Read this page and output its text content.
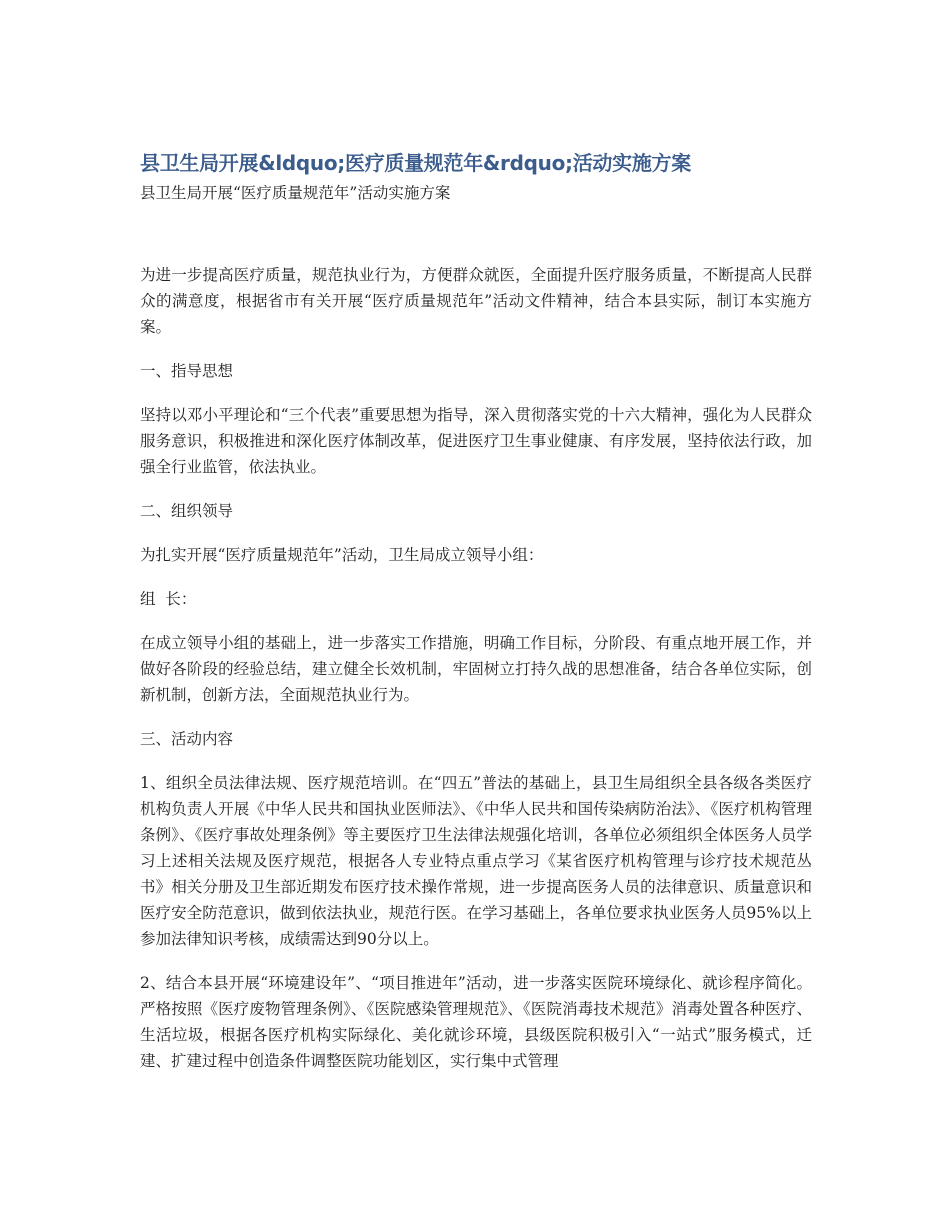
县卫生局开展&ldquo;医疗质量规范年&rdquo;活动实施方案

县卫生局开展“医疗质量规范年”活动实施方案

为进一步提高医疗质量，规范执业行为，方便群众就医，全面提升医疗服务质量，不断提高人民群众的满意度，根据省市有关开展“医疗质量规范年”活动文件精神，结合本县实际，制订本实施方案。

一、指导思想

坚持以邓小平理论和“三个代表”重要思想为指导，深入贯彻落实党的十六大精神，强化为人民群众服务意识，积极推进和深化医疗体制改革，促进医疗卫生事业健康、有序发展，坚持依法行政，加强全行业监管，依法执业。

二、组织领导

为扎实开展“医疗质量规范年”活动，卫生局成立领导小组：

组  长：

在成立领导小组的基础上，进一步落实工作措施，明确工作目标，分阶段、有重点地开展工作，并做好各阶段的经验总结，建立健全长效机制，牢固树立打持久战的思想准备，结合各单位实际，创新机制，创新方法，全面规范执业行为。

三、活动内容

1、组织全员法律法规、医疗规范培训。在“四五”普法的基础上，县卫生局组织全县各级各类医疗机构负责人开展《中华人民共和国执业医师法》、《中华人民共和国传染病防治法》、《医疗机构管理条例》、《医疗事故处理条例》等主要医疗卫生法律法规强化培训，各单位必须组织全体医务人员学习上述相关法规及医疗规范，根据各人专业特点重点学习《某省医疗机构管理与诊疗技术规范丛书》相关分册及卫生部近期发布医疗技术操作常规，进一步提高医务人员的法律意识、质量意识和医疗安全防范意识，做到依法执业，规范行医。在学习基础上，各单位要求执业医务人员95%以上参加法律知识考核，成绩需达到90分以上。

2、结合本县开展“环境建设年”、“项目推进年”活动，进一步落实医院环境绿化、就诊程序简化。严格按照《医疗废物管理条例》、《医院感染管理规范》、《医院消毒技术规范》消毒处置各种医疗、生活垃圾，根据各医疗机构实际绿化、美化就诊环境，县级医院积极引入“一站式”服务模式，迁建、扩建过程中创造条件调整医院功能划区，实行集中式管理
